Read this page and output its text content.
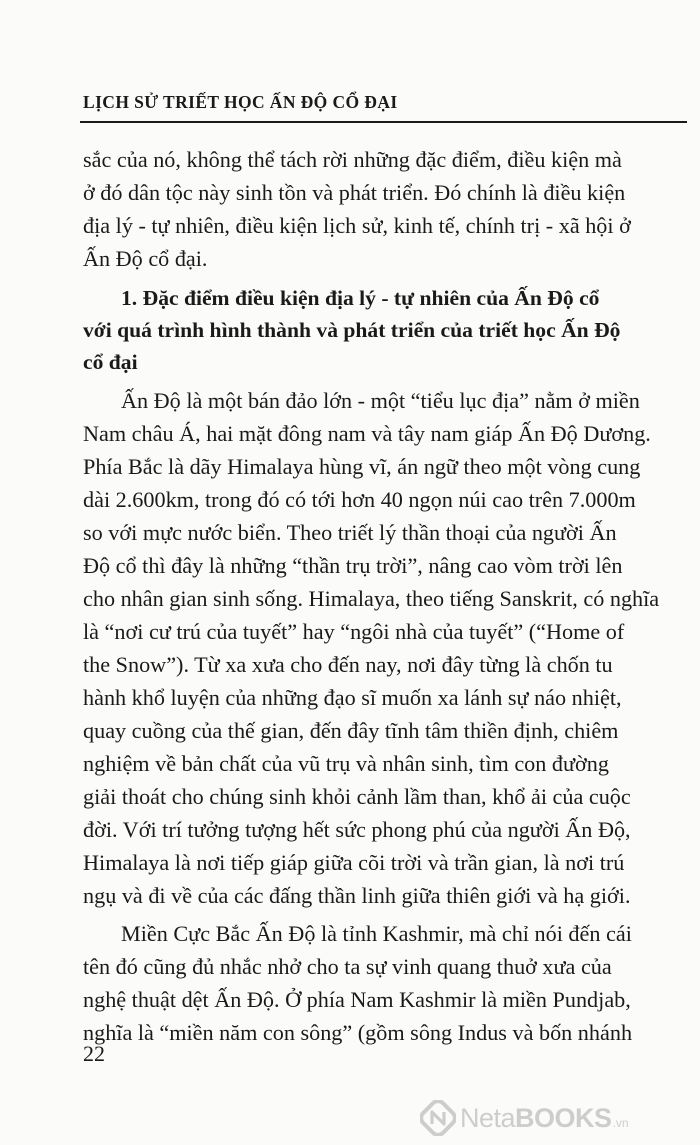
LỊCH SỬ TRIẾT HỌC ẤN ĐỘ CỔ ĐẠI
sắc của nó, không thể tách rời những đặc điểm, điều kiện mà
ở đó dân tộc này sinh tồn và phát triển. Đó chính là điều kiện
địa lý - tự nhiên, điều kiện lịch sử, kinh tế, chính trị - xã hội ở
Ấn Độ cổ đại.
1. Đặc điểm điều kiện địa lý - tự nhiên của Ấn Độ cổ
với quá trình hình thành và phát triển của triết học Ấn Độ
cổ đại
Ấn Độ là một bán đảo lớn - một “tiểu lục địa” nằm ở miền
Nam châu Á, hai mặt đông nam và tây nam giáp Ấn Độ Dương.
Phía Bắc là dãy Himalaya hùng vĩ, án ngữ theo một vòng cung
dài 2.600km, trong đó có tới hơn 40 ngọn núi cao trên 7.000m
so với mực nước biển. Theo triết lý thần thoại của người Ấn
Độ cổ thì đây là những “thần trụ trời”, nâng cao vòm trời lên
cho nhân gian sinh sống. Himalaya, theo tiếng Sanskrit, có nghĩa
là “nơi cư trú của tuyết” hay “ngôi nhà của tuyết” (“Home of
the Snow”). Từ xa xưa cho đến nay, nơi đây từng là chốn tu
hành khổ luyện của những đạo sĩ muốn xa lánh sự náo nhiệt,
quay cuồng của thế gian, đến đây tĩnh tâm thiền định, chiêm
nghiệm về bản chất của vũ trụ và nhân sinh, tìm con đường
giải thoát cho chúng sinh khỏi cảnh lầm than, khổ ải của cuộc
đời. Với trí tưởng tượng hết sức phong phú của người Ấn Độ,
Himalaya là nơi tiếp giáp giữa cõi trời và trần gian, là nơi trú
ngụ và đi về của các đấng thần linh giữa thiên giới và hạ giới.
Miền Cực Bắc Ấn Độ là tỉnh Kashmir, mà chỉ nói đến cái
tên đó cũng đủ nhắc nhở cho ta sự vinh quang thuở xưa của
nghệ thuật dệt Ấn Độ. Ở phía Nam Kashmir là miền Pundjab,
nghĩa là “miền năm con sông” (gồm sông Indus và bốn nhánh
22
NetaBOOKS .vn
